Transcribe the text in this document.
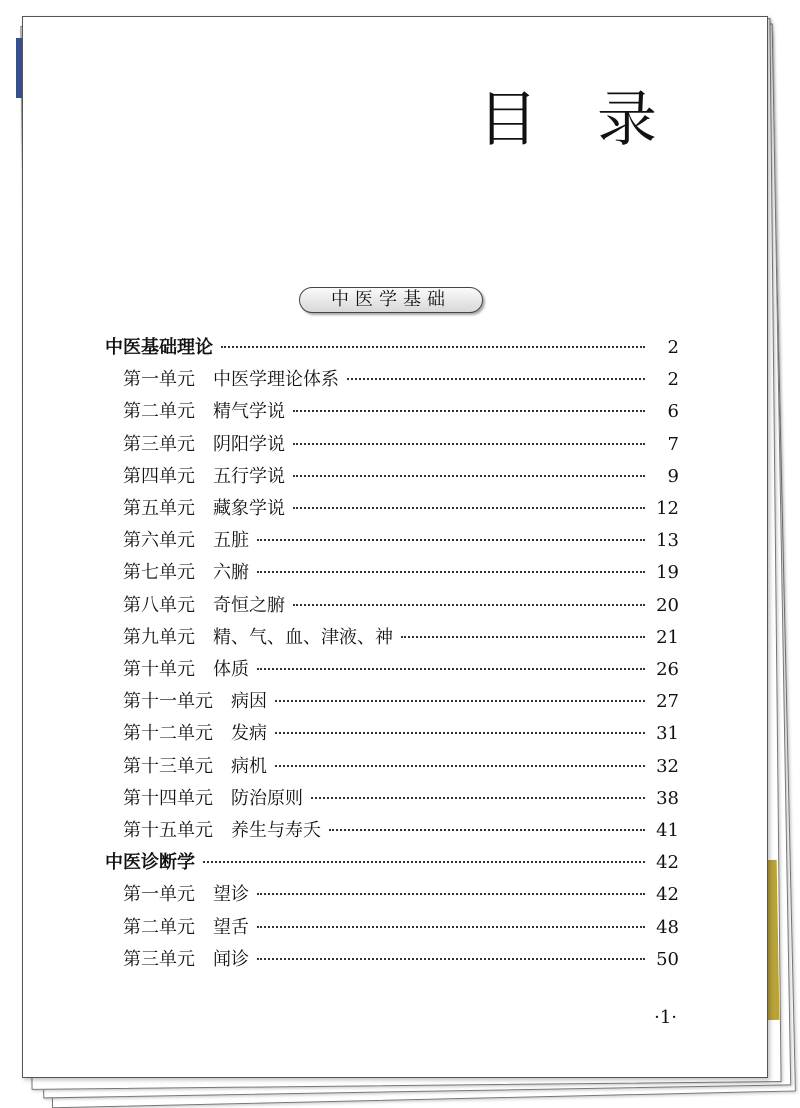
目 录
中医学基础
中医基础理论	2
第一单元　中医学理论体系	2
第二单元　精气学说	6
第三单元　阴阳学说	7
第四单元　五行学说	9
第五单元　藏象学说	12
第六单元　五脏	13
第七单元　六腑	19
第八单元　奇恒之腑	20
第九单元　精、气、血、津液、神	21
第十单元　体质	26
第十一单元　病因	27
第十二单元　发病	31
第十三单元　病机	32
第十四单元　防治原则	38
第十五单元　养生与寿夭	41
中医诊断学	42
第一单元　望诊	42
第二单元　望舌	48
第三单元　闻诊	50
·1·
